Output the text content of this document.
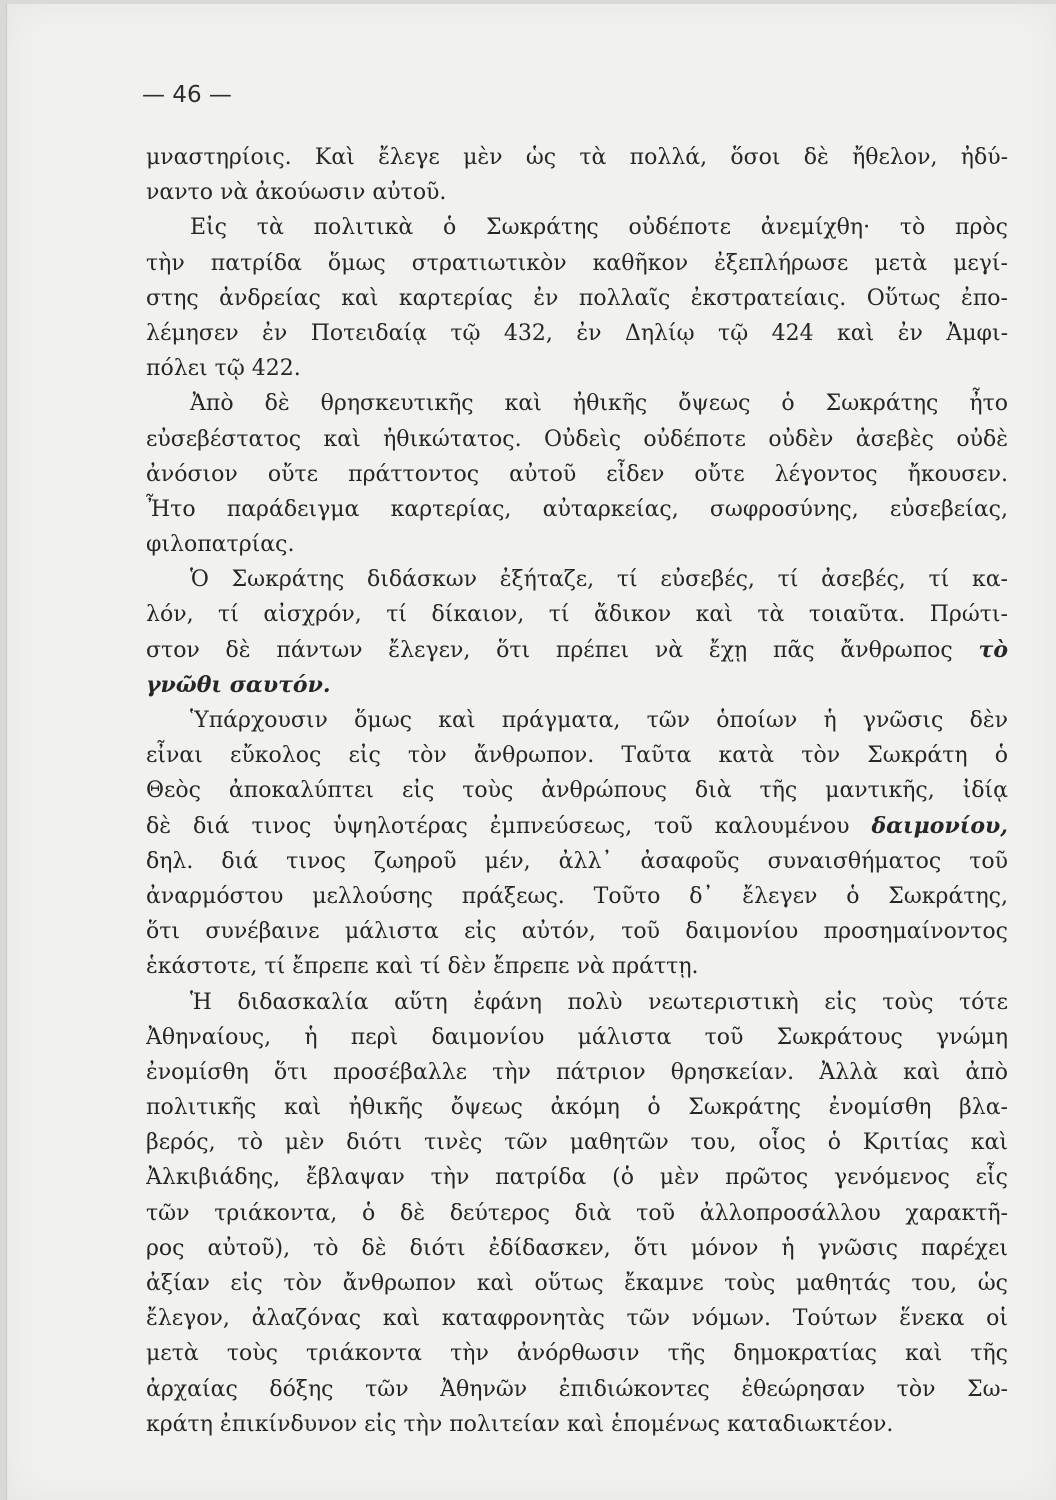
— 46 —
μναστηρίοις. Καὶ ἔλεγε μὲν ὡς τὰ πολλά, ὅσοι δὲ ἤθελον, ἠδύ-
ναντο νὰ ἀκούωσιν αὐτοῦ.
Εἰς τὰ πολιτικὰ ὁ Σωκράτης οὐδέποτε ἀνεμίχθη· τὸ πρὸς
τὴν πατρίδα ὅμως στρατιωτικὸν καθῆκον ἐξεπλήρωσε μετὰ μεγί-
στης ἀνδρείας καὶ καρτερίας ἐν πολλαῖς ἐκστρατείαις. Οὕτως ἐπο-
λέμησεν ἐν Ποτειδαίᾳ τῷ 432, ἐν Δηλίῳ τῷ 424 καὶ ἐν Ἀμφι-
πόλει τῷ 422.
Ἀπὸ δὲ θρησκευτικῆς καὶ ἠθικῆς ὄψεως ὁ Σωκράτης ἦτο
εὐσεβέστατος καὶ ἠθικώτατος. Οὐδεὶς οὐδέποτε οὐδὲν ἀσεβὲς οὐδὲ
ἀνόσιον οὔτε πράττοντος αὐτοῦ εἶδεν οὔτε λέγοντος ἤκουσεν.
Ἦτο παράδειγμα καρτερίας, αὐταρκείας, σωφροσύνης, εὐσεβείας,
φιλοπατρίας.
Ὁ Σωκράτης διδάσκων ἐξήταζε, τί εὐσεβές, τί ἀσεβές, τί κα-
λόν, τί αἰσχρόν, τί δίκαιον, τί ἄδικον καὶ τὰ τοιαῦτα. Πρώτι-
στον δὲ πάντων ἔλεγεν, ὅτι πρέπει νὰ ἔχῃ πᾶς ἄνθρωπος τὸ
γνῶθι σαυτόν.
Ὑπάρχουσιν ὅμως καὶ πράγματα, τῶν ὁποίων ἡ γνῶσις δὲν
εἶναι εὔκολος εἰς τὸν ἄνθρωπον. Ταῦτα κατὰ τὸν Σωκράτη ὁ
Θεὸς ἀποκαλύπτει εἰς τοὺς ἀνθρώπους διὰ τῆς μαντικῆς, ἰδίᾳ
δὲ διά τινος ὑψηλοτέρας ἐμπνεύσεως, τοῦ καλουμένου δαιμονίου,
δηλ. διά τινος ζωηροῦ μέν, ἀλλ᾽ ἀσαφοῦς συναισθήματος τοῦ
ἀναρμόστου μελλούσης πράξεως. Τοῦτο δ᾽ ἔλεγεν ὁ Σωκράτης,
ὅτι συνέβαινε μάλιστα εἰς αὐτόν, τοῦ δαιμονίου προσημαίνοντος
ἑκάστοτε, τί ἔπρεπε καὶ τί δὲν ἔπρεπε νὰ πράττῃ.
Ἡ διδασκαλία αὕτη ἐφάνη πολὺ νεωτεριστικὴ εἰς τοὺς τότε
Ἀθηναίους, ἡ περὶ δαιμονίου μάλιστα τοῦ Σωκράτους γνώμη
ἐνομίσθη ὅτι προσέβαλλε τὴν πάτριον θρησκείαν. Ἀλλὰ καὶ ἀπὸ
πολιτικῆς καὶ ἠθικῆς ὄψεως ἀκόμη ὁ Σωκράτης ἐνομίσθη βλα-
βερός, τὸ μὲν διότι τινὲς τῶν μαθητῶν του, οἷος ὁ Κριτίας καὶ
Ἀλκιβιάδης, ἔβλαψαν τὴν πατρίδα (ὁ μὲν πρῶτος γενόμενος εἷς
τῶν τριάκοντα, ὁ δὲ δεύτερος διὰ τοῦ ἀλλοπροσάλλου χαρακτῆ-
ρος αὐτοῦ), τὸ δὲ διότι ἐδίδασκεν, ὅτι μόνον ἡ γνῶσις παρέχει
ἀξίαν εἰς τὸν ἄνθρωπον καὶ οὕτως ἔκαμνε τοὺς μαθητάς του, ὡς
ἔλεγον, ἀλαζόνας καὶ καταφρονητὰς τῶν νόμων. Τούτων ἕνεκα οἱ
μετὰ τοὺς τριάκοντα τὴν ἀνόρθωσιν τῆς δημοκρατίας καὶ τῆς
ἀρχαίας δόξης τῶν Ἀθηνῶν ἐπιδιώκοντες ἐθεώρησαν τὸν Σω-
κράτη ἐπικίνδυνον εἰς τὴν πολιτείαν καὶ ἑπομένως καταδιωκτέον.
